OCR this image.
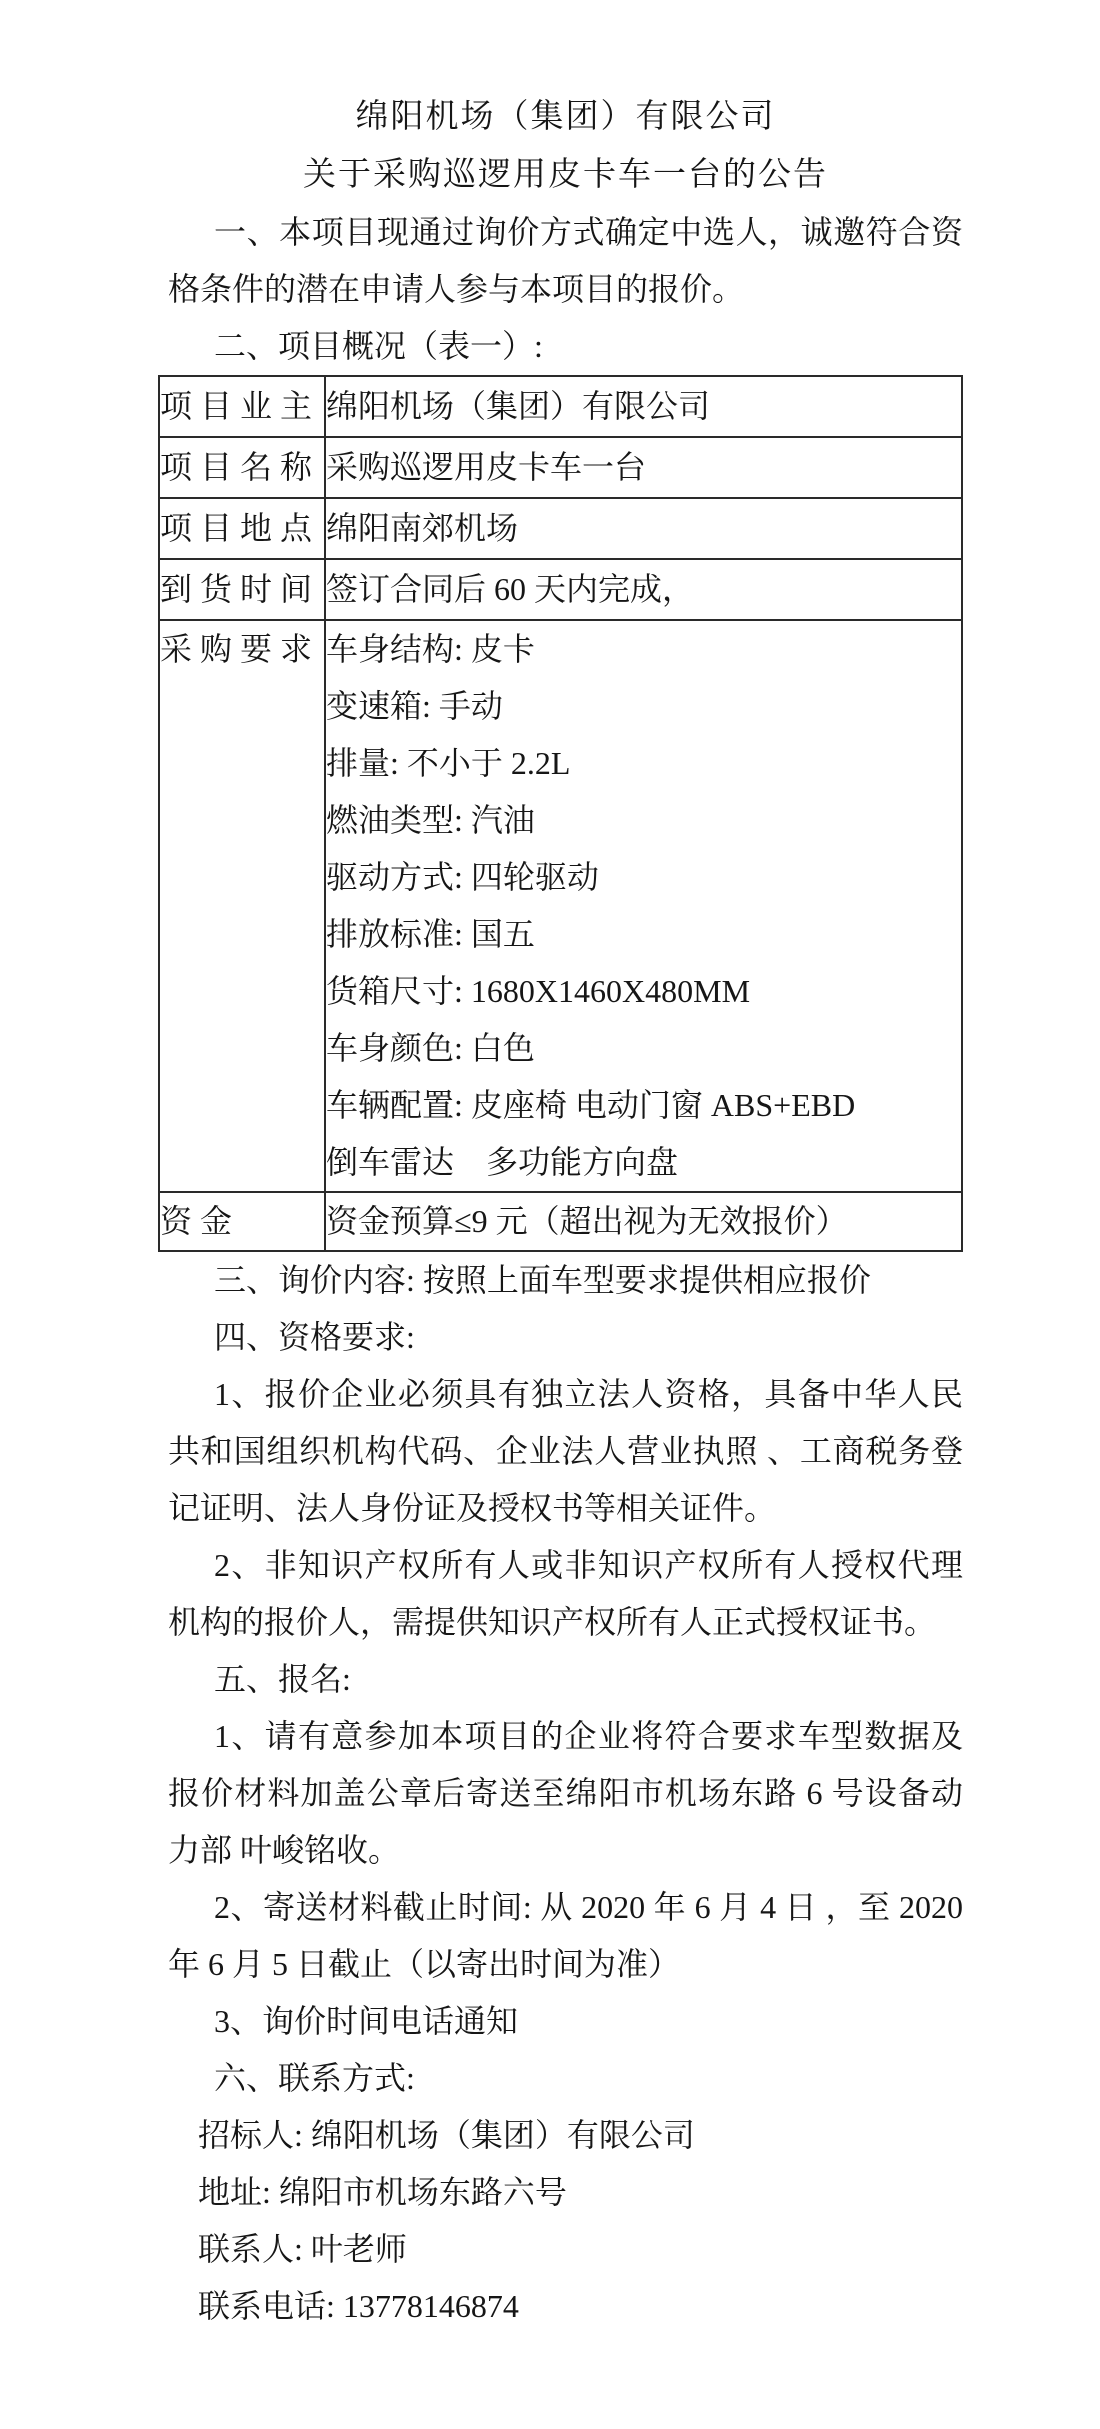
绵阳机场（集团）有限公司
关于采购巡逻用皮卡车一台的公告

一、本项目现通过询价方式确定中选人，诚邀符合资格条件的潜在申请人参与本项目的报价。

二、项目概况（表一）:

项目业主	绵阳机场（集团）有限公司
项目名称	采购巡逻用皮卡车一台
项目地点	绵阳南郊机场
到货时间	签订合同后 60 天内完成，
采购要求	车身结构: 皮卡
变速箱: 手动
排量: 不小于 2.2L
燃油类型: 汽油
驱动方式: 四轮驱动
排放标准: 国五
货箱尺寸: 1680X1460X480MM
车身颜色: 白色
车辆配置: 皮座椅 电动门窗 ABS+EBD
倒车雷达　多功能方向盘

资金	资金预算≤9 元（超出视为无效报价）

三、询价内容: 按照上面车型要求提供相应报价

四、资格要求:

1、报价企业必须具有独立法人资格，具备中华人民共和国组织机构代码、企业法人营业执照 、工商税务登记证明、法人身份证及授权书等相关证件。

2、非知识产权所有人或非知识产权所有人授权代理机构的报价人，需提供知识产权所有人正式授权证书。

五、报名:

1、请有意参加本项目的企业将符合要求车型数据及报价材料加盖公章后寄送至绵阳市机场东路 6 号设备动力部 叶峻铭收。

2、寄送材料截止时间: 从 2020 年 6 月 4 日 ，至 2020 年 6 月 5 日截止（以寄出时间为准）

3、询价时间电话通知

六、联系方式:

招标人: 绵阳机场（集团）有限公司

地址: 绵阳市机场东路六号

联系人: 叶老师

联系电话: 13778146874
